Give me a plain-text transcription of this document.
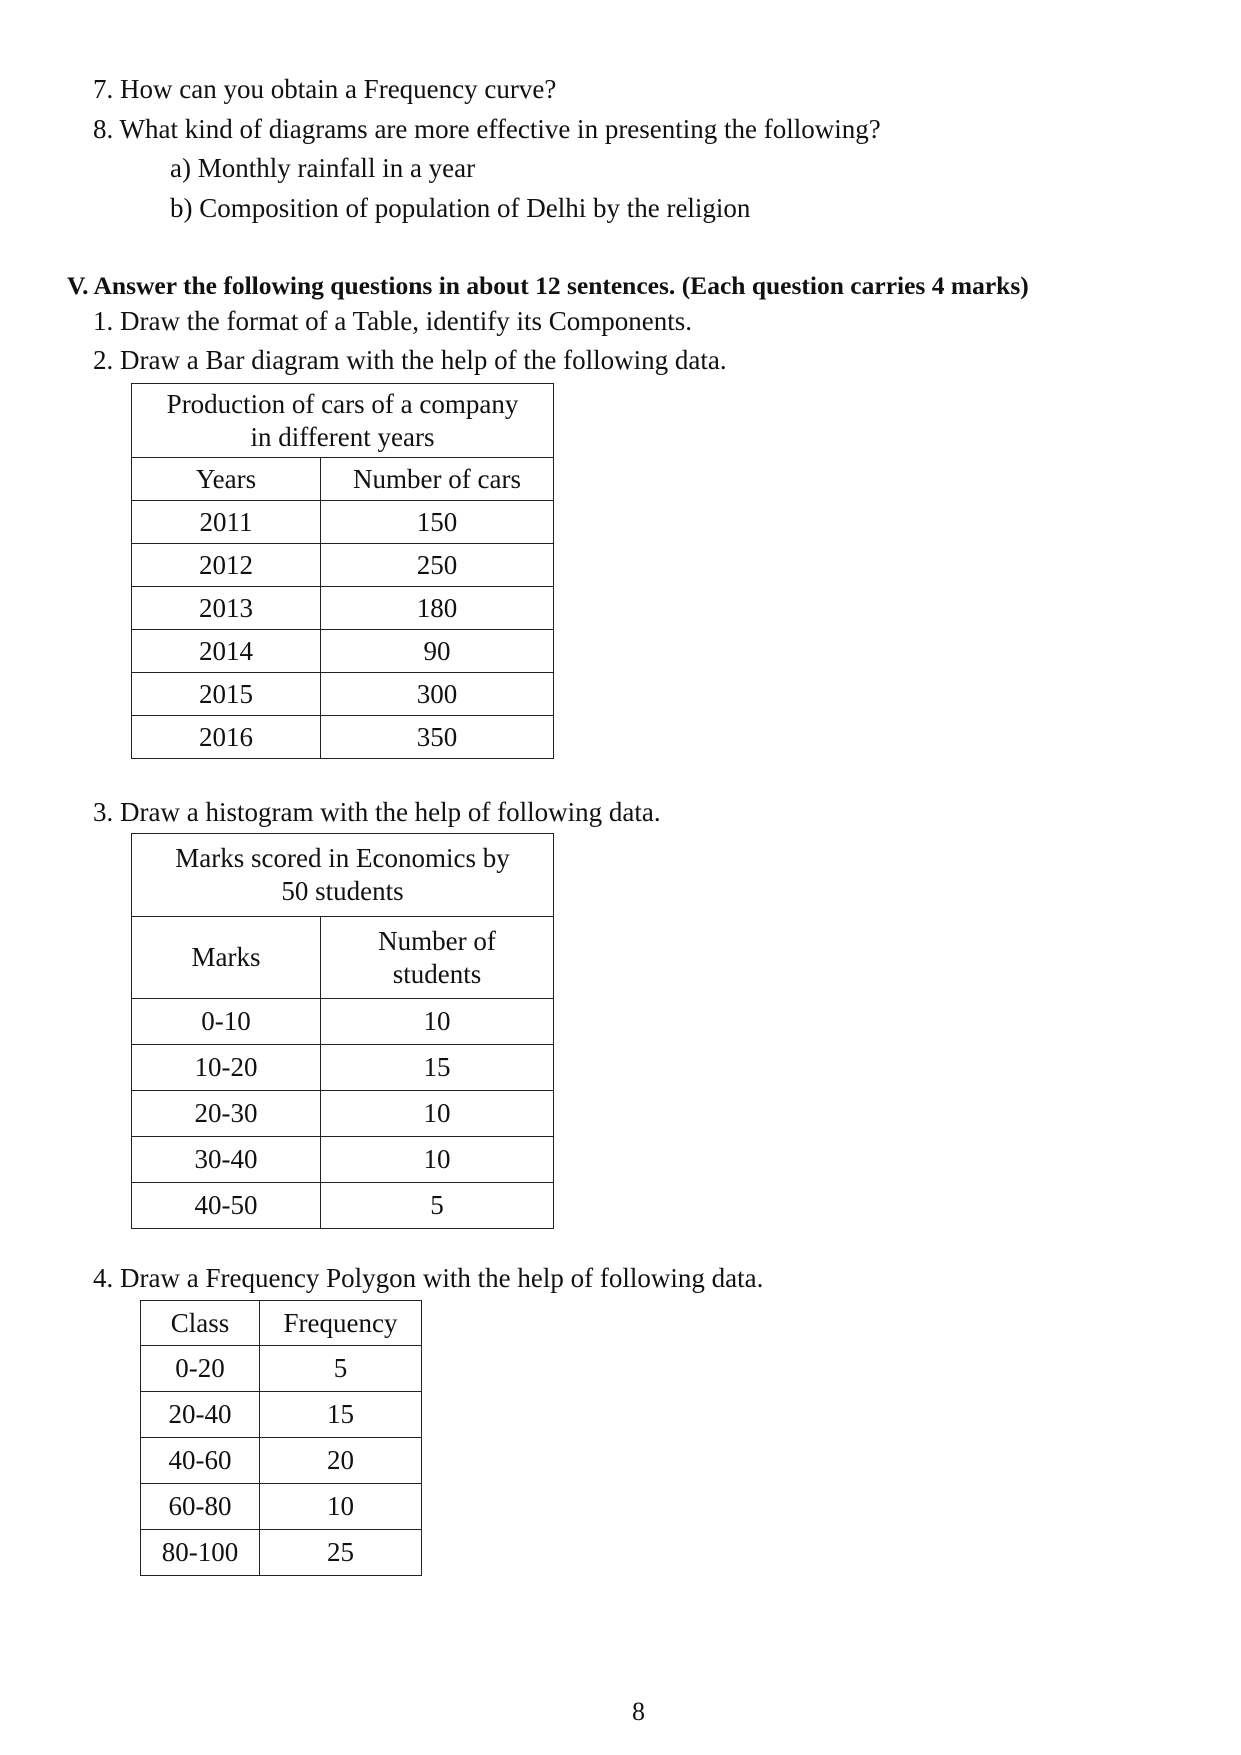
7. How can you obtain a Frequency curve?
8. What kind of diagrams are more effective in presenting the following?
a) Monthly rainfall in a year
b) Composition of population of Delhi by the religion
V. Answer the following questions in about 12 sentences. (Each question carries 4 marks)
1. Draw the format of a Table, identify its Components.
2. Draw a Bar diagram with the help of the following data.
Production of cars of a company
in different years	

Years	Number of cars
2011	150
2012	250
2013	180
2014	90
2015	300
2016	350
3. Draw a histogram with the help of following data.
Marks scored in Economics by
50 students	

Marks	Number of
students

0-10	10
10-20	15
20-30	10
30-40	10
40-50	5
4. Draw a Frequency Polygon with the help of following data.
Class	Frequency
0-20	5
20-40	15
40-60	20
60-80	10
80-100	25
8
